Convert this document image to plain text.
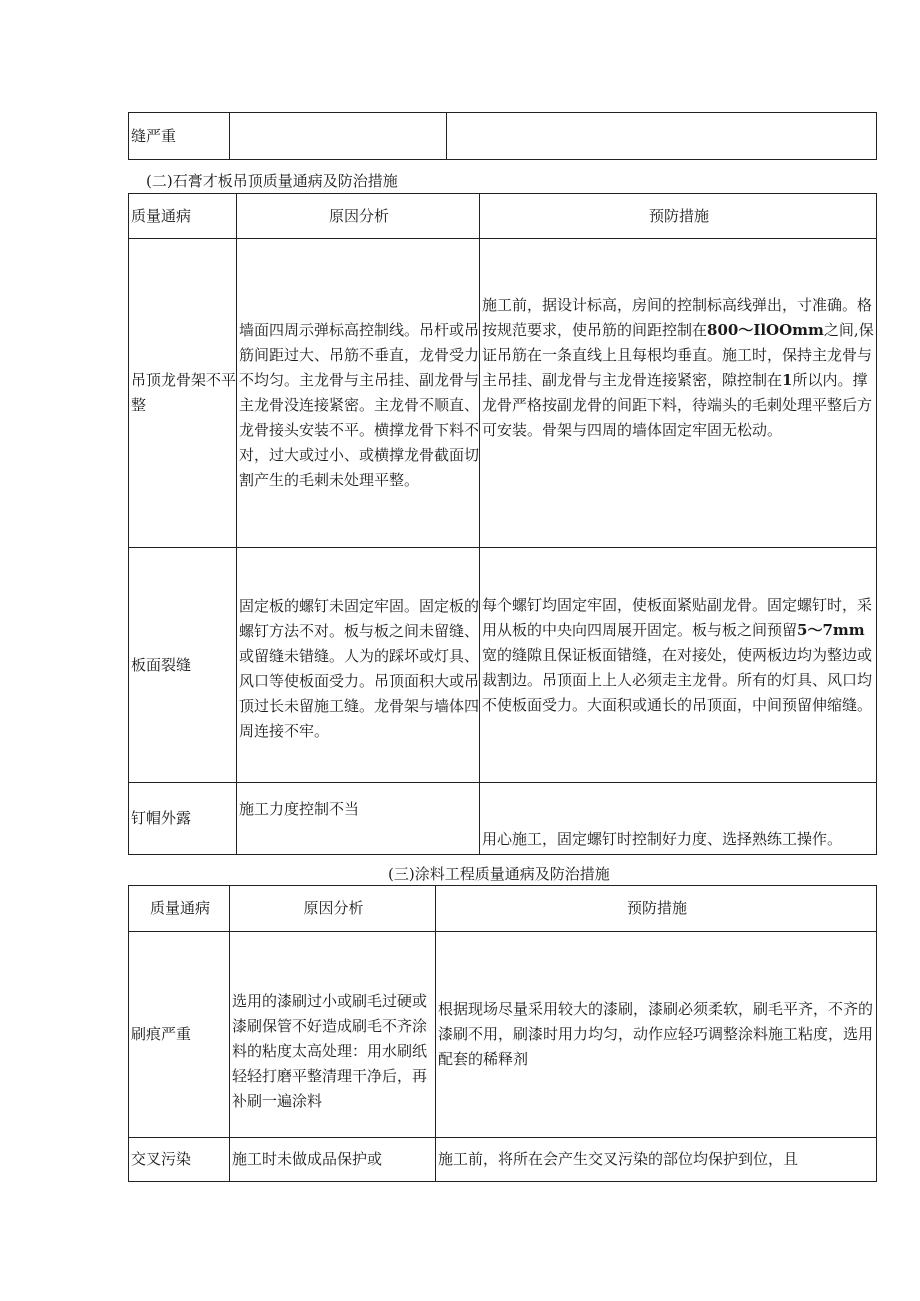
缝严重		
(二)石膏才板吊顶质量通病及防治措施
质量通病	原因分析	预防措施
吊顶龙骨架不平整	墙面四周示弹标高控制线。吊杆或吊筋间距过大、吊筋不垂直，龙骨受力不均匀。主龙骨与主吊挂、副龙骨与主龙骨没连接紧密。主龙骨不顺直、龙骨接头安装不平。横撑龙骨下料不对，过大或过小、或横撑龙骨截面切割产生的毛刺未处理平整。	施工前，据设计标高，房间的控制标高线弹出，寸准确。格按规范要求，使吊筋的间距控制在800～IlOOmm之间,保证吊筋在一条直线上且每根均垂直。施工时，保持主龙骨与主吊挂、副龙骨与主龙骨连接紧密，隙控制在1所以内。撑龙骨严格按副龙骨的间距下料，待端头的毛刺处理平整后方可安装。骨架与四周的墙体固定牢固无松动。
板面裂缝	固定板的螺钉未固定牢固。固定板的螺钉方法不对。板与板之间未留缝、或留缝未错缝。人为的踩坏或灯具、风口等使板面受力。吊顶面积大或吊顶过长未留施工缝。龙骨架与墙体四周连接不牢。	每个螺钉均固定牢固，使板面紧贴副龙骨。固定螺钉时，采用从板的中央向四周展开固定。板与板之间预留5～7mm宽的缝隙且保证板面错缝，在对接处，使两板边均为整边或裁割边。吊顶面上上人必须走主龙骨。所有的灯具、风口均不使板面受力。大面积或通长的吊顶面，中间预留伸缩缝。
钉帽外露	施工力度控制不当	用心施工，固定螺钉时控制好力度、选择熟练工操作。
(三)涂料工程质量通病及防治措施
质量通病	原因分析	预防措施
刷痕严重	选用的漆刷过小或刷毛过硬或漆刷保管不好造成刷毛不齐涂料的粘度太高处理：用水刷纸轻轻打磨平整清理干净后，再补刷一遍涂料	根据现场尽量采用较大的漆刷，漆刷必须柔软，刷毛平齐，不齐的漆刷不用，刷漆时用力均匀，动作应轻巧调整涂料施工粘度，选用配套的稀释剂
交叉污染	施工时未做成品保护或	施工前，将所在会产生交叉污染的部位均保护到位，且
